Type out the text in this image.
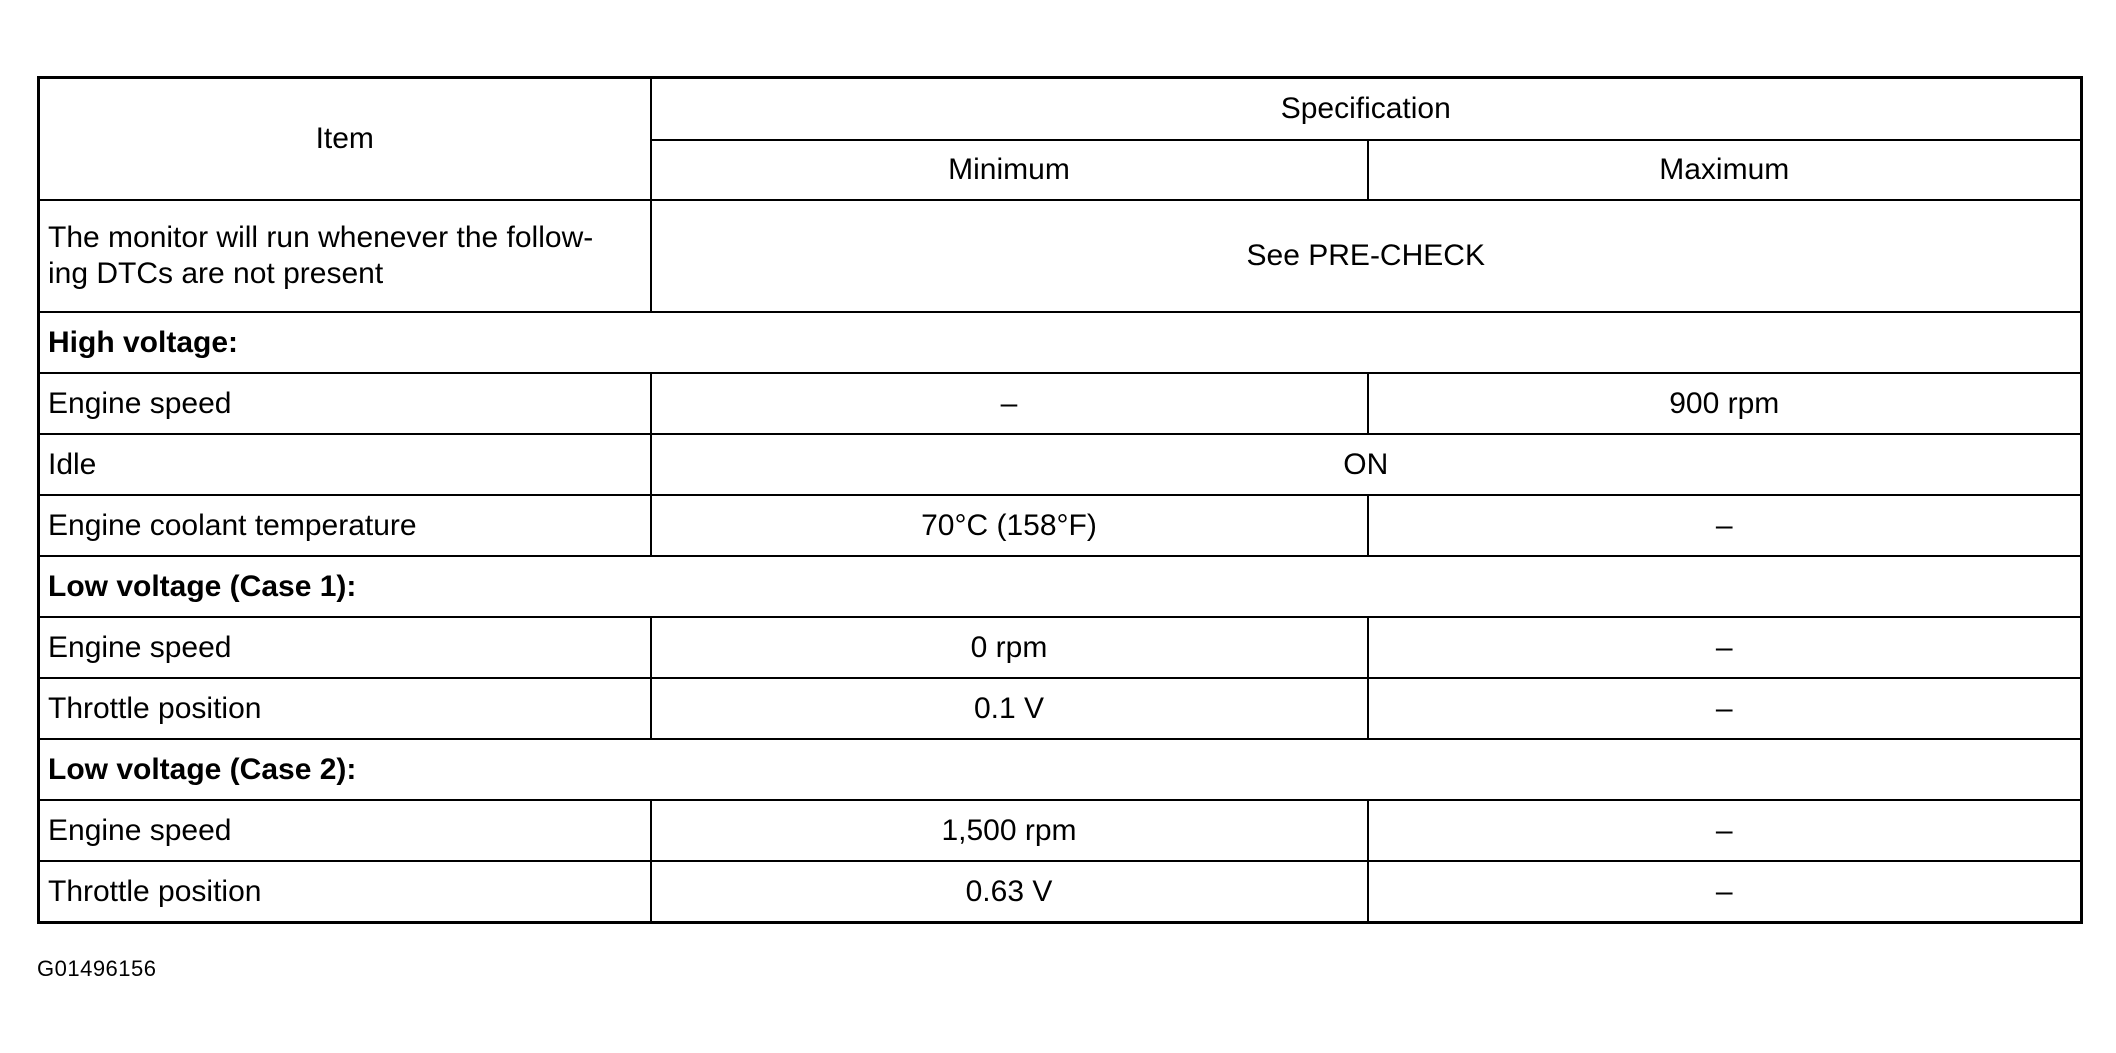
Item	Specification	
	Minimum	Maximum
The monitor will run whenever the follow-
ing DTCs are not present	See PRE-CHECK	
High voltage:		
Engine speed	–	900 rpm
Idle	ON	
Engine coolant temperature	70°C (158°F)	–
Low voltage (Case 1):		
Engine speed	0 rpm	–
Throttle position	0.1 V	–
Low voltage (Case 2):		
Engine speed	1,500 rpm	–
Throttle position	0.63 V	–
G01496156
